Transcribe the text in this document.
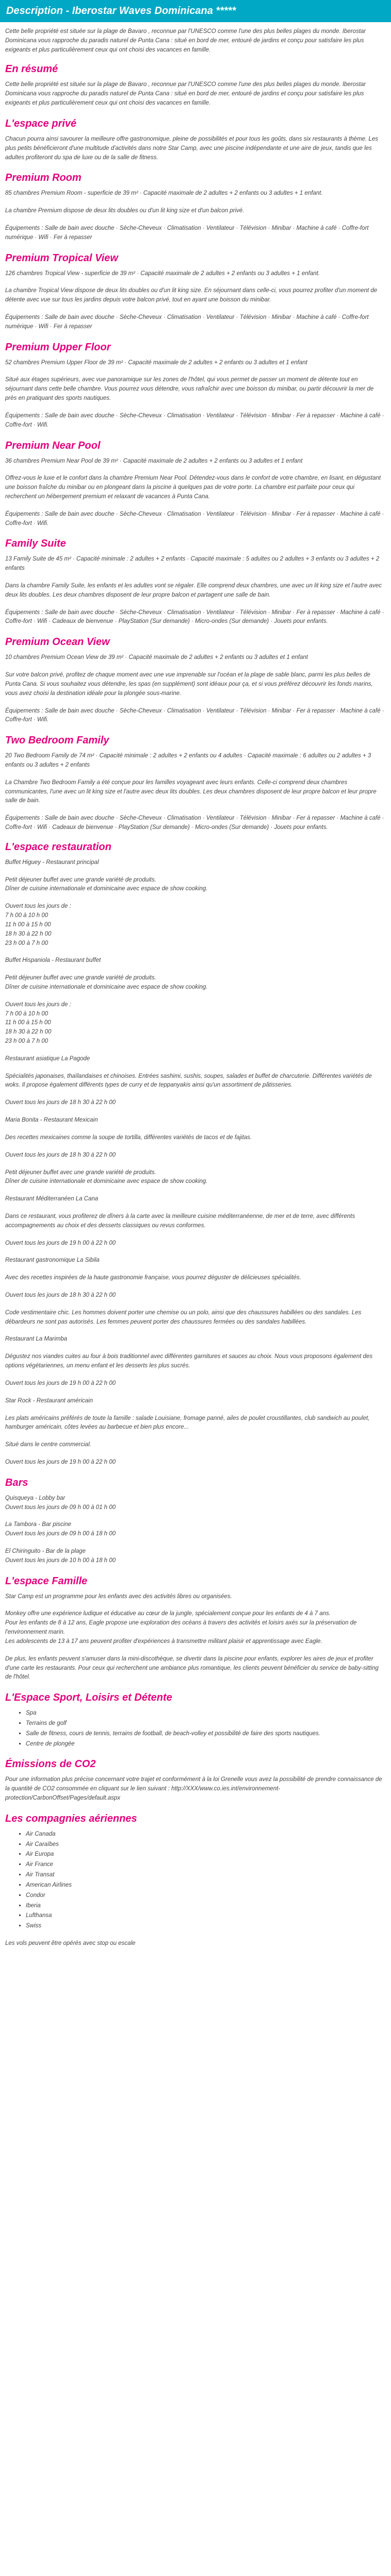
Description - Iberostar Waves Dominicana *****

Cette belle propriété est située sur la plage de Bavaro , reconnue par l'UNESCO comme l'une des plus belles plages du monde. Iberostar Dominicana vous rapproche du paradis naturel de Punta Cana : situé en bord de mer, entouré de jardins et conçu pour satisfaire les plus exigeants et plus particulièrement ceux qui ont choisi des vacances en famille.

En résumé

Cette belle propriété est située sur la plage de Bavaro , reconnue par l'UNESCO comme l'une des plus belles plages du monde. Iberostar Dominicana vous rapproche du paradis naturel de Punta Cana : situé en bord de mer, entouré de jardins et conçu pour satisfaire les plus exigeants et plus particulièrement ceux qui ont choisi des vacances en famille.

L'espace privé

Chacun pourra ainsi savourer la meilleure offre gastronomique, pleine de possibilités et pour tous les goûts, dans six restaurants à thème. Les plus petits bénéficieront d'une multitude d'activités dans notre Star Camp, avec une piscine indépendante et une aire de jeux, tandis que les adultes profiteront du spa de luxe ou de la salle de fitness.

Premium Room

85 chambres Premium Room - superficie de 39 m² · Capacité maximale de 2 adultes + 2 enfants ou 3 adultes + 1 enfant.

La chambre Premium dispose de deux lits doubles ou d'un lit king size et d'un balcon privé.

Équipements : Salle de bain avec douche · Sèche-Cheveux · Climatisation · Ventilateur · Télévision · Minibar · Machine à café · Coffre-fort numérique · Wifi · Fer à repasser

Premium Tropical View

126 chambres Tropical View - superficie de 39 m² · Capacité maximale de 2 adultes + 2 enfants ou 3 adultes + 1 enfant.

La chambre Tropical View dispose de deux lits doubles ou d'un lit king size. En séjournant dans celle-ci, vous pourrez profiter d'un moment de détente avec vue sur tous les jardins depuis votre balcon privé, tout en ayant une boisson du minibar.

Équipements : Salle de bain avec douche · Sèche-Cheveux · Climatisation · Ventilateur · Télévision · Minibar · Machine à café · Coffre-fort numérique · Wifi · Fer à repasser

Premium Upper Floor

52 chambres Premium Upper Floor de 39 m² · Capacité maximale de 2 adultes + 2 enfants ou 3 adultes et 1 enfant

Situé aux étages supérieurs, avec vue panoramique sur les zones de l'hôtel, qui vous permet de passer un moment de détente tout en séjournant dans cette belle chambre. Vous pourrez vous détendre, vous rafraîchir avec une boisson du minibar, ou partir découvrir la mer de près en pratiquant des sports nautiques.

Équipements : Salle de bain avec douche · Sèche-Cheveux · Climatisation · Ventilateur · Télévision · Minibar · Fer à repasser · Machine à café · Coffre-fort · Wifi.

Premium Near Pool

36 chambres Premium Near Pool de 39 m² · Capacité maximale de 2 adultes + 2 enfants ou 3 adultes et 1 enfant

Offrez-vous le luxe et le confort dans la chambre Premium Near Pool. Détendez-vous dans le confort de votre chambre, en lisant, en dégustant une boisson fraîche du minibar ou en plongeant dans la piscine à quelques pas de votre porte. La chambre est parfaite pour ceux qui recherchent un hébergement premium et relaxant de vacances à Punta Cana.

Équipements : Salle de bain avec douche · Sèche-Cheveux · Climatisation · Ventilateur · Télévision · Minibar · Fer à repasser · Machine à café · Coffre-fort · Wifi.

Family Suite

13 Family Suite de 45 m² · Capacité minimale : 2 adultes + 2 enfants · Capacité maximale : 5 adultes ou 2 adultes + 3 enfants ou 3 adultes + 2 enfants

Dans la chambre Family Suite, les enfants et les adultes vont se régaler. Elle comprend deux chambres, une avec un lit king size et l'autre avec deux lits doubles. Les deux chambres disposent de leur propre balcon et partagent une salle de bain.

Équipements : Salle de bain avec douche · Sèche-Cheveux · Climatisation · Ventilateur · Télévision · Minibar · Fer à repasser · Machine à café · Coffre-fort · Wifi · Cadeaux de bienvenue · PlayStation (Sur demande) · Micro-ondes (Sur demande) · Jouets pour enfants.

Premium Ocean View

10 chambres Premium Ocean View de 39 m² · Capacité maximale de 2 adultes + 2 enfants ou 3 adultes et 1 enfant

Sur votre balcon privé, profitez de chaque moment avec une vue imprenable sur l'océan et la plage de sable blanc, parmi les plus belles de Punta Cana. Si vous souhaitez vous détendre, les spas (en supplément) sont idéaux pour ça, et si vous préférez découvrir les fonds marins, vous avez choisi la destination idéale pour la plongée sous-marine.

Équipements : Salle de bain avec douche · Sèche-Cheveux · Climatisation · Ventilateur · Télévision · Minibar · Fer à repasser · Machine à café · Coffre-fort · Wifi.

Two Bedroom Family

20 Two Bedroom Family de 74 m² · Capacité minimale : 2 adultes + 2 enfants ou 4 adultes · Capacité maximale : 6 adultes ou 2 adultes + 3 enfants ou 3 adultes + 2 enfants

La Chambre Two Bedroom Family a été conçue pour les familles voyageant avec leurs enfants. Celle-ci comprend deux chambres communicantes, l'une avec un lit king size et l'autre avec deux lits doubles. Les deux chambres disposent de leur propre balcon et leur propre salle de bain.

Équipements : Salle de bain avec douche · Sèche-Cheveux · Climatisation · Ventilateur · Télévision · Minibar · Fer à repasser · Machine à café · Coffre-fort · Wifi · Cadeaux de bienvenue · PlayStation (Sur demande) · Micro-ondes (Sur demande) · Jouets pour enfants.

L'espace restauration

Buffet Higuey - Restaurant principal

Petit déjeuner buffet avec une grande variété de produits.
Dîner de cuisine internationale et dominicaine avec espace de show cooking.

Ouvert tous les jours de :
7 h 00 à 10 h 00
11 h 00 à 15 h 00
18 h 30 à 22 h 00
23 h 00 à 7 h 00

Buffet Hispaniola - Restaurant buffet

Petit déjeuner buffet avec une grande variété de produits.
Dîner de cuisine internationale et dominicaine avec espace de show cooking.

Ouvert tous les jours de :
7 h 00 à 10 h 00
11 h 00 à 15 h 00
18 h 30 à 22 h 00
23 h 00 à 7 h 00

Restaurant asiatique La Pagode

Spécialités japonaises, thaïlandaises et chinoises. Entrées sashimi, sushis, soupes, salades et buffet de charcuterie. Différentes variétés de woks. Il propose également différents types de curry et de teppanyakis ainsi qu'un assortiment de pâtisseries.

Ouvert tous les jours de 18 h 30 à 22 h 00

Maria Bonita - Restaurant Mexicain

Des recettes mexicaines comme la soupe de tortilla, différentes variétés de tacos et de fajitas.

Ouvert tous les jours de 18 h 30 à 22 h 00

Petit déjeuner buffet avec une grande variété de produits.
Dîner de cuisine internationale et dominicaine avec espace de show cooking.

Restaurant Méditerranéen La Cana

Dans ce restaurant, vous profiterez de dîners à la carte avec la meilleure cuisine méditerranéenne, de mer et de terre, avec différents accompagnements au choix et des desserts classiques ou revus conformes.

Ouvert tous les jours de 19 h 00 à 22 h 00

Restaurant gastronomique La Sibila

Avec des recettes inspirées de la haute gastronomie française, vous pourrez déguster de délicieuses spécialités.

Ouvert tous les jours de 18 h 30 à 22 h 00

Code vestimentaire chic. Les hommes doivent porter une chemise ou un polo, ainsi que des chaussures habillées ou des sandales. Les débardeurs ne sont pas autorisés. Les femmes peuvent porter des chaussures fermées ou des sandales habillées.

Restaurant La Marimba

Dégustez nos viandes cuites au four à bois traditionnel avec différentes garnitures et sauces au choix. Nous vous proposons également des options végétariennes, un menu enfant et les desserts les plus sucrés.

Ouvert tous les jours de 19 h 00 à 22 h 00

Star Rock - Restaurant américain

Les plats américains préférés de toute la famille : salade Louisiane, fromage panné, ailes de poulet croustillantes, club sandwich au poulet, hamburger américain, côtes levées au barbecue et bien plus encore...

Situé dans le centre commercial.
Ouvert tous les jours de 19 h 00 à 22 h 00
Bars
Quisqueya - Lobby bar
Ouvert tous les jours de 09 h 00 à 01 h 00
La Tambora - Bar piscine
Ouvert tous les jours de 09 h 00 à 18 h 00
El Chiringuito - Bar de la plage
Ouvert tous les jours de 10 h 00 à 18 h 00
L'espace Famille

Star Camp est un programme pour les enfants avec des activités libres ou organisées.

Monkey offre une expérience ludique et éducative au cœur de la jungle, spécialement conçue pour les enfants de 4 à 7 ans.
Pour les enfants de 8 à 12 ans, Eagle propose une exploration des océans à travers des activités et loisirs axés sur la préservation de l'environnement marin.
Les adolescents de 13 à 17 ans peuvent profiter d'expériences à transmettre militant plaisir et apprentissage avec Eagle.

De plus, les enfants peuvent s'amuser dans la mini-discothèque, se divertir dans la piscine pour enfants, explorer les aires de jeux et profiter d'une carte les restaurants. Pour ceux qui recherchent une ambiance plus romantique, les clients peuvent bénéficier du service de baby-sitting de l'hôtel.

L'Espace Sport, Loisirs et Détente
▪ Spa
▪ Terrains de golf
▪ Salle de fitness, cours de tennis, terrains de football, de beach-volley et possibilité de faire des sports nautiques.
▪ Centre de plongée
Émissions de CO2

Pour une information plus précise concernant votre trajet et conformément à la loi Grenelle vous avez la possibilité de prendre connaissance de la quantité de CO2 consommée en cliquant sur le lien suivant : http://XXX/www.co.ies.int/environnement-protection/CarbonOffset/Pages/default.aspx

Les compagnies aériennes
▪ Air Canada
▪ Air Caraïbes
▪ Air Europa
▪ Air France
▪ Air Transat
▪ American Airlines
▪ Condor
▪ Iberia
▪ Lufthansa
▪ Swiss

Les vols peuvent être opérés avec stop ou escale
